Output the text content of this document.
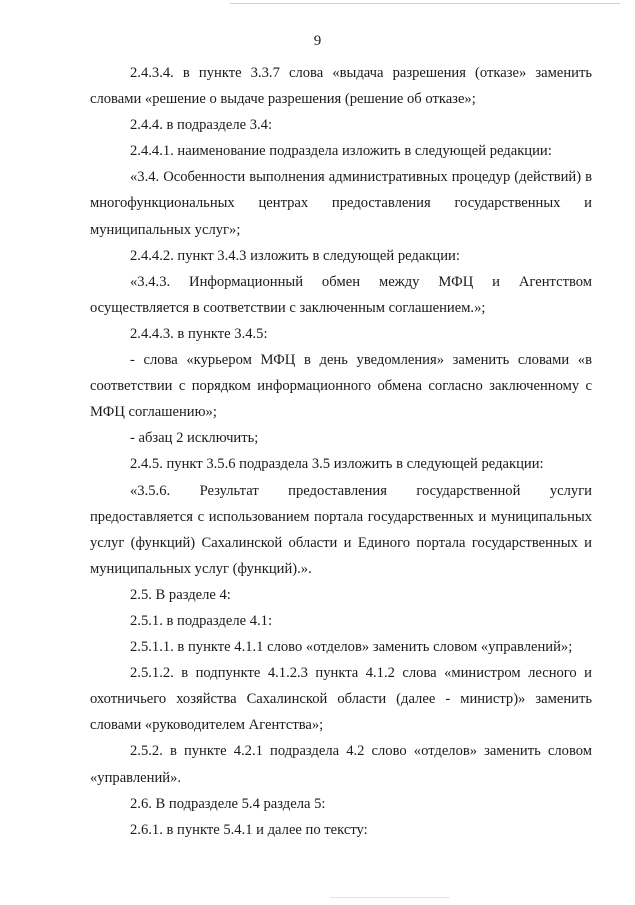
9

2.4.3.4. в пункте 3.3.7 слова «выдача разрешения (отказе» заменить словами «решение о выдаче разрешения (решение об отказе»;

2.4.4. в подразделе 3.4:

2.4.4.1. наименование подраздела изложить в следующей редакции:

«3.4. Особенности выполнения административных процедур (действий) в многофункциональных центрах предоставления государственных и муниципальных услуг»;

2.4.4.2. пункт 3.4.3 изложить в следующей редакции:

«3.4.3. Информационный обмен между МФЦ и Агентством осуществляется в соответствии с заключенным соглашением.»;

2.4.4.3. в пункте 3.4.5:

- слова «курьером МФЦ в день уведомления» заменить словами «в соответствии с порядком информационного обмена согласно заключенному с МФЦ соглашению»;

- абзац 2 исключить;

2.4.5. пункт 3.5.6 подраздела 3.5 изложить в следующей редакции:

«3.5.6. Результат предоставления государственной услуги предоставляется с использованием портала государственных и муниципальных услуг (функций) Сахалинской области и Единого портала государственных и муниципальных услуг (функций).».

2.5. В разделе 4:

2.5.1. в подразделе 4.1:

2.5.1.1. в пункте 4.1.1 слово «отделов» заменить словом «управлений»;

2.5.1.2. в подпункте 4.1.2.3 пункта 4.1.2 слова «министром лесного и охотничьего хозяйства Сахалинской области (далее - министр)» заменить словами «руководителем Агентства»;

2.5.2. в пункте 4.2.1 подраздела 4.2 слово «отделов» заменить словом «управлений».

2.6. В подразделе 5.4 раздела 5:

2.6.1. в пункте 5.4.1 и далее по тексту:
